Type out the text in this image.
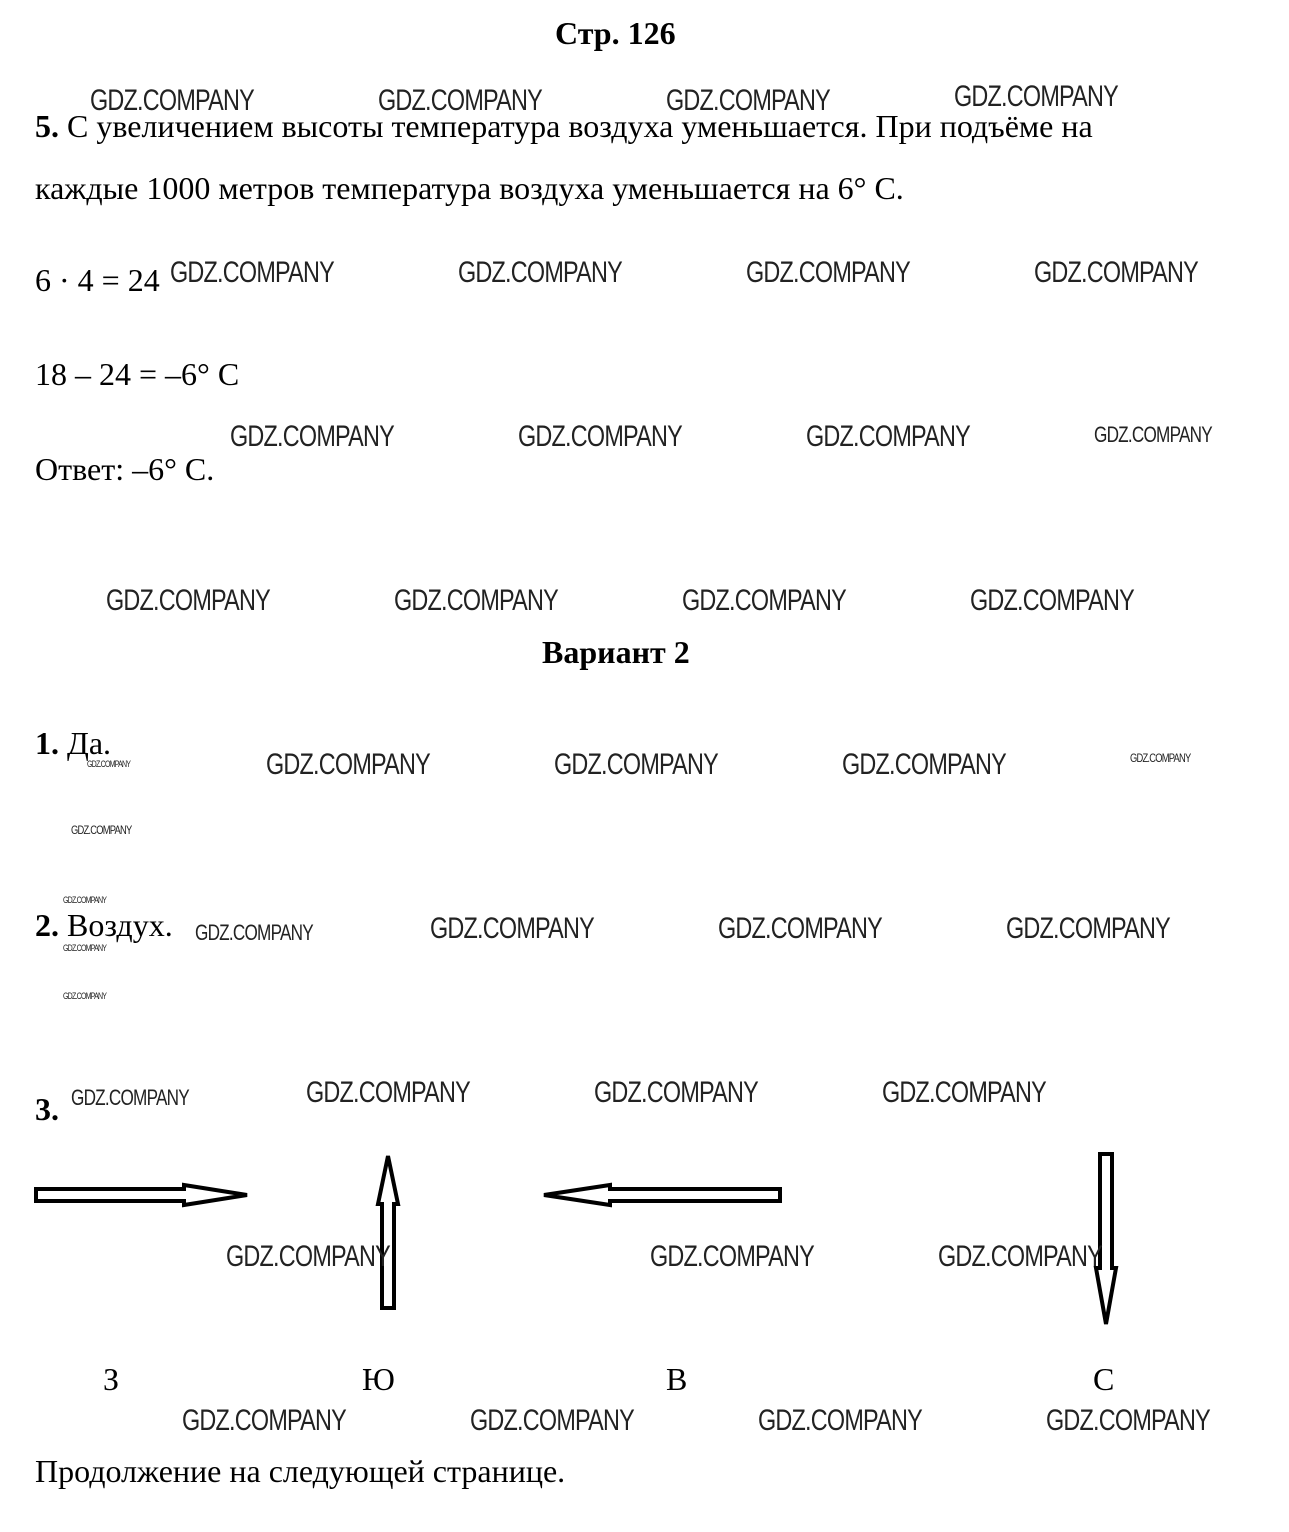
Стр. 126
5. С увеличением высоты температура воздуха уменьшается. При подъёме на
каждые 1000 метров температура воздуха уменьшается на 6° С.
6 · 4 = 24
18 – 24 = –6° С
Ответ: –6° С.
Вариант 2
1. Да.
2. Воздух.
3.
З	Ю	В	С
Продолжение на следующей странице.
GDZ.COMPANY	GDZ.COMPANY	GDZ.COMPANY	GDZ.COMPANY
GDZ.COMPANY	GDZ.COMPANY	GDZ.COMPANY	GDZ.COMPANY
GDZ.COMPANY	GDZ.COMPANY	GDZ.COMPANY	GDZ.COMPANY
GDZ.COMPANY	GDZ.COMPANY	GDZ.COMPANY	GDZ.COMPANY
GDZ.COMPANY	GDZ.COMPANY	GDZ.COMPANY	GDZ.COMPANY	GDZ.COMPANY
GDZ.COMPANY
GDZ.COMPANY
GDZ.COMPANY	GDZ.COMPANY	GDZ.COMPANY	GDZ.COMPANY
GDZ.COMPANY
GDZ.COMPANY
GDZ.COMPANY	GDZ.COMPANY	GDZ.COMPANY	GDZ.COMPANY
GDZ.COMPANY	GDZ.COMPANY	GDZ.COMPANY
GDZ.COMPANY	GDZ.COMPANY	GDZ.COMPANY	GDZ.COMPANY
